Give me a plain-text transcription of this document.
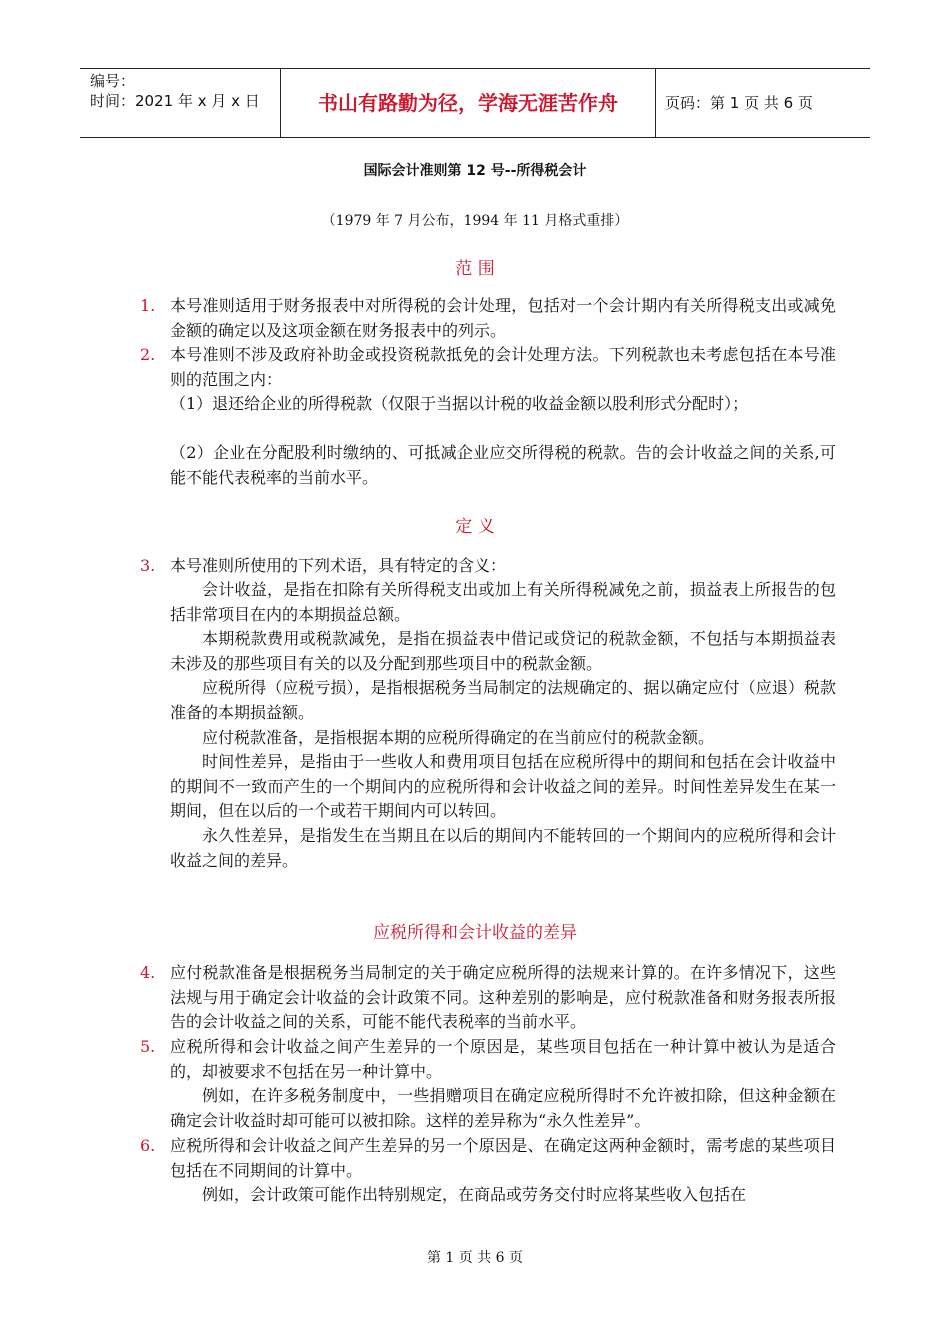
编号：
时间：2021 年 x 月 x 日	书山有路勤为径，学海无涯苦作舟	页码：第 1 页 共 6 页
国际会计准则第 12 号--所得税会计
（1979 年 7 月公布，1994 年 11 月格式重排）
范 围
1. 本号准则适用于财务报表中对所得税的会计处理，包括对一个会计期内有关所得税支出或减免金额的确定以及这项金额在财务报表中的列示。
2. 本号准则不涉及政府补助金或投资税款抵免的会计处理方法。下列税款也未考虑包括在本号准则的范围之内：
（1）退还给企业的所得税款（仅限于当据以计税的收益金额以股利形式分配时）；
（2）企业在分配股利时缴纳的、可抵减企业应交所得税的税款。告的会计收益之间的关系,可能不能代表税率的当前水平。
定 义
3. 本号准则所使用的下列术语，具有特定的含义：
会计收益，是指在扣除有关所得税支出或加上有关所得税减免之前，损益表上所报告的包括非常项目在内的本期损益总额。
本期税款费用或税款减免，是指在损益表中借记或贷记的税款金额，不包括与本期损益表未涉及的那些项目有关的以及分配到那些项目中的税款金额。
应税所得（应税亏损），是指根据税务当局制定的法规确定的、据以确定应付（应退）税款准备的本期损益额。
应付税款准备，是指根据本期的应税所得确定的在当前应付的税款金额。
时间性差异，是指由于一些收人和费用项目包括在应税所得中的期间和包括在会计收益中的期间不一致而产生的一个期间内的应税所得和会计收益之间的差异。时间性差异发生在某一期间，但在以后的一个或若干期间内可以转回。
永久性差异，是指发生在当期且在以后的期间内不能转回的一个期间内的应税所得和会计收益之间的差异。
应税所得和会计收益的差异
4. 应付税款准备是根据税务当局制定的关于确定应税所得的法规来计算的。在许多情况下，这些法规与用于确定会计收益的会计政策不同。这种差别的影响是，应付税款准备和财务报表所报告的会计收益之间的关系，可能不能代表税率的当前水平。
5. 应税所得和会计收益之间产生差异的一个原因是，某些项目包括在一种计算中被认为是适合的，却被要求不包括在另一种计算中。
例如，在许多税务制度中，一些捐赠项目在确定应税所得时不允许被扣除，但这种金额在确定会计收益时却可能可以被扣除。这样的差异称为“永久性差异”。
6. 应税所得和会计收益之间产生差异的另一个原因是、在确定这两种金额时，需考虑的某些项目包括在不同期间的计算中。
例如，会计政策可能作出特别规定，在商品或劳务交付时应将某些收入包括在
第 1 页 共 6 页
